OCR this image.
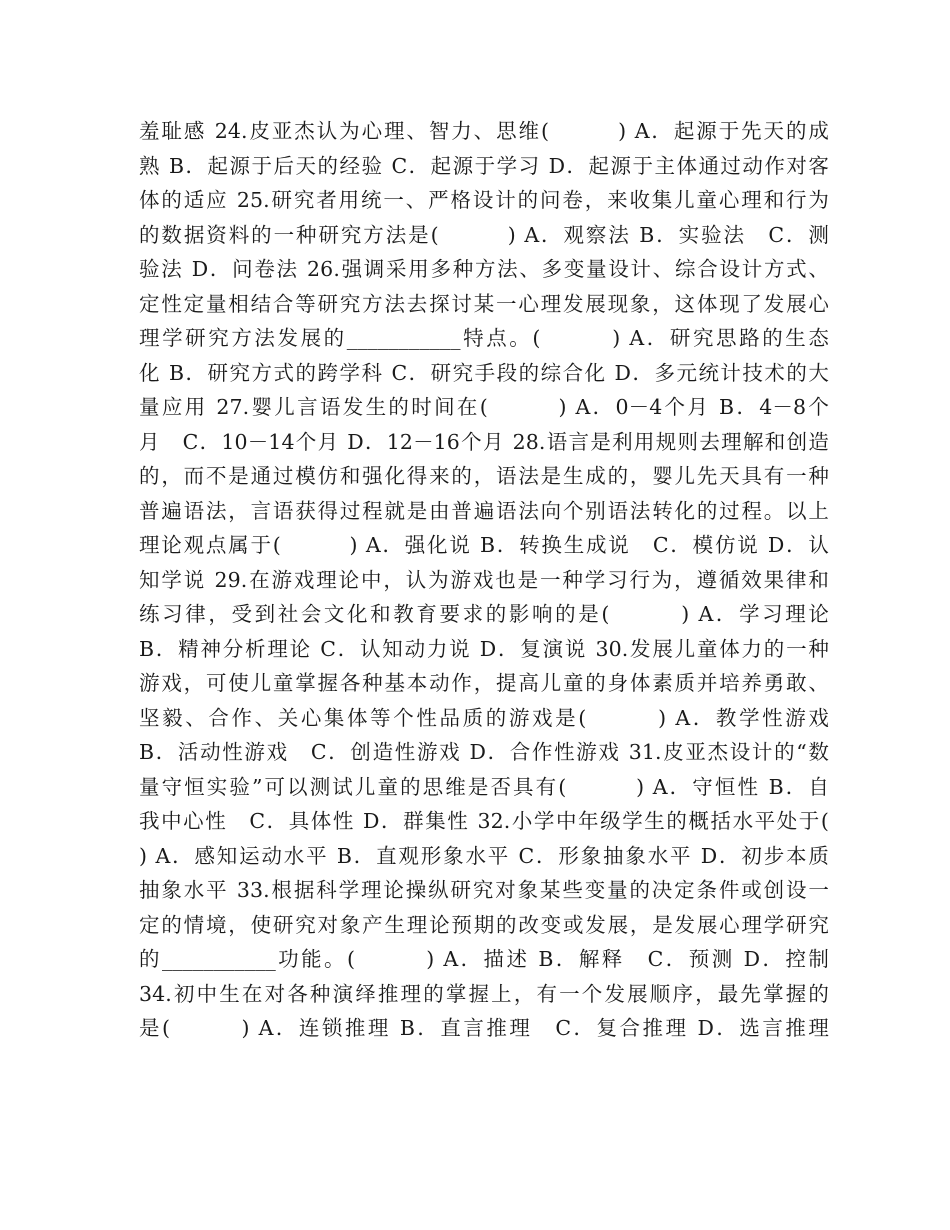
羞耻感 24.皮亚杰认为心理、智力、思维(　　　) A．起源于先天的成
熟 B．起源于后天的经验 C．起源于学习 D．起源于主体通过动作对客
体的适应 25.研究者用统一、严格设计的问卷，来收集儿童心理和行为
的数据资料的一种研究方法是(　　　) A．观察法 B．实验法　C．测
验法 D．问卷法 26.强调采用多种方法、多变量设计、综合设计方式、
定性定量相结合等研究方法去探讨某一心理发展现象，这体现了发展心
理学研究方法发展的___________特点。(　　　) A．研究思路的生态
化 B．研究方式的跨学科 C．研究手段的综合化 D．多元统计技术的大
量应用 27.婴儿言语发生的时间在(　　　) A．0－4个月 B．4－8个
月　C．10－14个月 D．12－16个月 28.语言是利用规则去理解和创造
的，而不是通过模仿和强化得来的，语法是生成的，婴儿先天具有一种
普遍语法，言语获得过程就是由普遍语法向个别语法转化的过程。以上
理论观点属于(　　　) A．强化说 B．转换生成说　C．模仿说 D．认
知学说 29.在游戏理论中，认为游戏也是一种学习行为，遵循效果律和
练习律，受到社会文化和教育要求的影响的是(　　　) A．学习理论
B．精神分析理论 C．认知动力说 D．复演说 30.发展儿童体力的一种
游戏，可使儿童掌握各种基本动作，提高儿童的身体素质并培养勇敢、
坚毅、合作、关心集体等个性品质的游戏是(　　　) A．教学性游戏
B．活动性游戏　C．创造性游戏 D．合作性游戏 31.皮亚杰设计的“数
量守恒实验”可以测试儿童的思维是否具有(　　　) A．守恒性 B．自
我中心性　C．具体性 D．群集性 32.小学中年级学生的概括水平处于(
) A．感知运动水平 B．直观形象水平 C．形象抽象水平 D．初步本质
抽象水平 33.根据科学理论操纵研究对象某些变量的决定条件或创设一
定的情境，使研究对象产生理论预期的改变或发展，是发展心理学研究
的___________功能。(　　　) A．描述 B．解释　C．预测 D．控制
34.初中生在对各种演绎推理的掌握上，有一个发展顺序，最先掌握的
是(　　　) A．连锁推理 B．直言推理　C．复合推理 D．选言推理
